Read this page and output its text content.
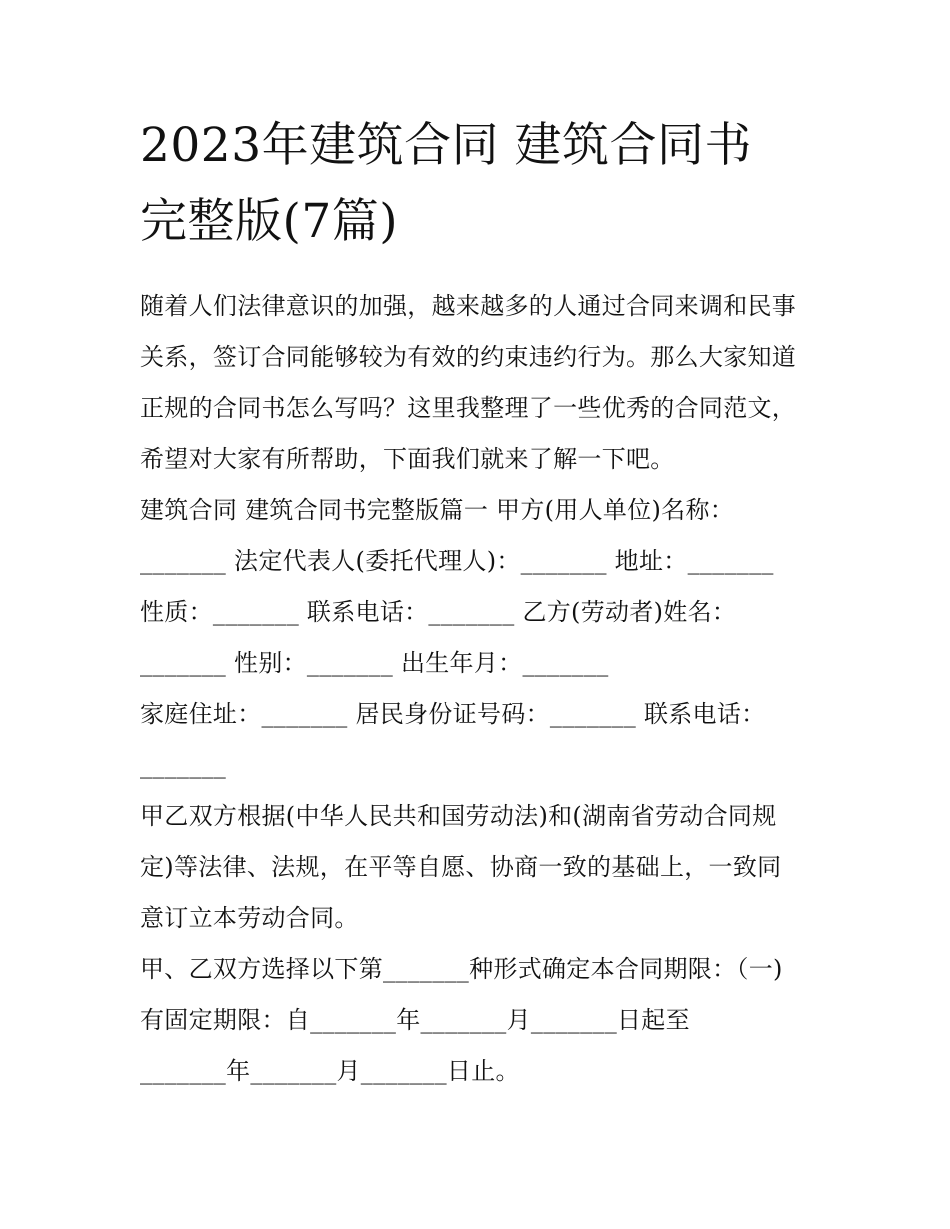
2023年建筑合同 建筑合同书
完整版(7篇)
随着人们法律意识的加强，越来越多的人通过合同来调和民事
关系，签订合同能够较为有效的约束违约行为。那么大家知道
正规的合同书怎么写吗？这里我整理了一些优秀的合同范文，
希望对大家有所帮助，下面我们就来了解一下吧。
建筑合同 建筑合同书完整版篇一 甲方(用人单位)名称：
_______ 法定代表人(委托代理人)：_______ 地址：_______
性质：_______ 联系电话：_______ 乙方(劳动者)姓名：
_______ 性别：_______ 出生年月：_______
家庭住址：_______ 居民身份证号码：_______ 联系电话：
_______
甲乙双方根据(中华人民共和国劳动法)和(湖南省劳动合同规
定)等法律、法规，在平等自愿、协商一致的基础上，一致同
意订立本劳动合同。
甲、乙双方选择以下第_______种形式确定本合同期限：（一)
有固定期限：自_______年_______月_______日起至
_______年_______月_______日止。
